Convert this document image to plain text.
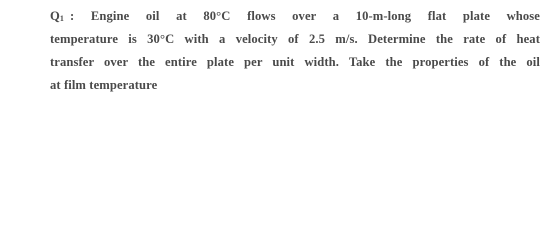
$Q_1$ : Engine oil at 80°C flows over a 10-m-long flat plate whose
temperature is 30°C with a velocity of 2.5 m/s. Determine the rate of heat
transfer over the entire plate per unit width. Take the properties of the oil
at film temperature
